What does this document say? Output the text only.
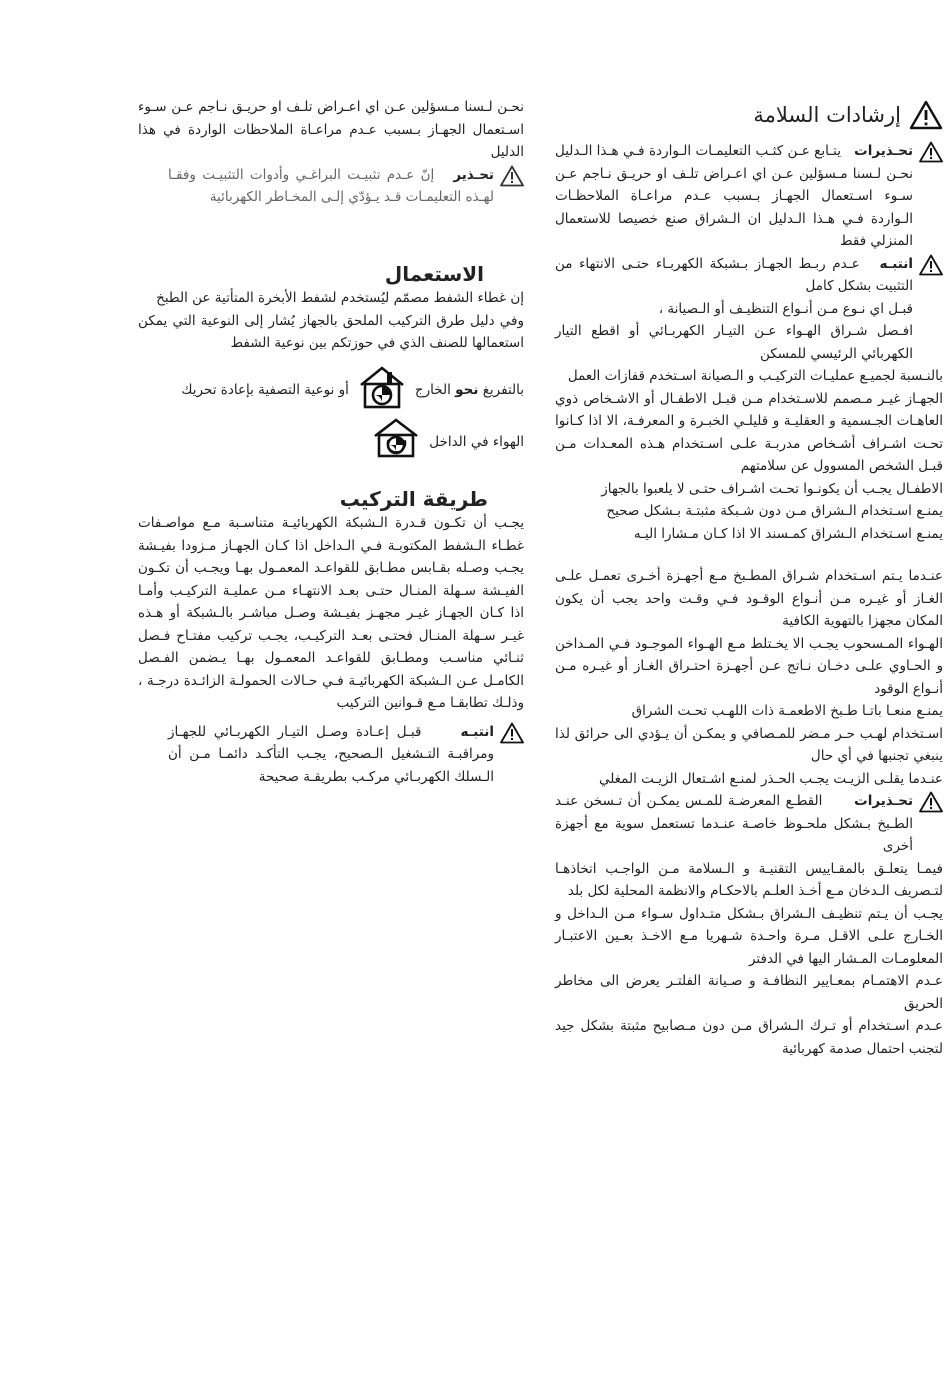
إرشادات السلامة

تحـذيرات   يتـابع عـن كثـب التعليمـات الـواردة فـي هـذا الـدليل نحـن لـسنا مـسؤلين عـن اي اعـراض تلـف او حريـق نـاجم عـن سـوء اسـتعمال الجهـاز بـسبب عـدم مراعـاة الملاحظـات الـواردة فـي هـذا الـدليل ان الـشراق صنع خصيصا للاستعمال المنزلي فقط

انتبـه   عـدم ربـط الجهـاز بـشبكة الكهربـاء حتـى الانتهاء من التثبيت بشكل كامل

قبـل اي نـوع مـن أنـواع التنظيـف أو الـصيانة ،

افـصل شـراق الهـواء عـن التيـار الكهربـائي أو اقطع التيار الكهربائي الرئيسي للمسكن

بالنـسبة لجميـع عمليـات التركيـب و الـصيانة اسـتخدم قفازات العمل

الجهـاز غيـر مـصمم للاسـتخدام مـن قبـل الاطفـال أو الاشـخاص ذوي العاهـات الجـسمية و العقليـة و قليلـي الخبـرة و المعرفـة، الا اذا كـانوا تحـت اشـراف أشـخاص مدربـة علـى اسـتخدام هـذه المعـدات مـن قبـل الشخص المسوول عن سلامتهم

الاطفـال يجـب أن يكونـوا تحـت اشـراف حتـى لا يلعبوا بالجهاز

يمنـع اسـتخدام الـشراق مـن دون شـبكة مثبتـة بـشكل صحيح

يمنـع اسـتخدام الـشراق كمـسند الا اذا كـان مـشارا اليـه

عنـدما يـتم اسـتخدام شـراق المطـبخ مـع أجهـزة أخـرى تعمـل علـى الغـاز أو غيـره مـن أنـواع الوقـود فـي وقـت واحد يجب أن يكون المكان مجهزا بالتهوية الكافية

الهـواء المـسحوب يجـب الا يخـتلط مـع الهـواء الموجـود فـي المـداخن و الحـاوي علـى دخـان نـاتج عـن أجهـزة احتـراق الغـاز أو غيـره مـن أنـواع الوقود

يمنـع منعـا باتـا طـبخ الاطعمـة ذات اللهـب تحـت الشراق

اسـتخدام لهـب حـر مـضر للمـصافي و يمكـن أن يـؤدي الى حرائق لذا ينبغي تجنبها في أي حال

عنـدما يقلـى الزيـت يجـب الحـذر لمنـع اشـتعال الزيـت المغلي

تحـذيرات      القطـع المعرضـة للمـس يمكـن أن تـسخن عنـد الطـبخ بـشكل ملحـوظ خاصـة عنـدما تستعمل سوية مع أجهزة أخرى

فيمـا يتعلـق بالمقـاييس التقنيـة و الـسلامة مـن الواجـب اتخاذهـا لتـصريف الـدخان مـع أخـذ العلـم بالاحكـام والانظمة المحلية لكل بلد

يجـب أن يـتم تنظيـف الـشراق بـشكل متـداول سـواء مـن الـداخل و الخـارج علـى الاقـل مـرة واحـدة شـهريا مـع الاخـذ بعـين الاعتبـار المعلومـات المـشار اليها في الدفتر

عـدم الاهتمـام بمعـايير النظافـة و صـيانة الفلتـر يعرض الى مخاطر الحريق

عـدم اسـتخدام أو تـرك الـشراق مـن دون مـصابيح مثبتة بشكل جيد لتجنب احتمال صدمة كهربائية

نحـن لـسنا مـسؤلين عـن اي اعـراض تلـف او حريـق نـاجم عـن سـوء اسـتعمال الجهـاز بـسبب عـدم مراعـاة الملاحظات الواردة في هذا الدليل

تحـذير   إنّ عـدم تثبيـت البراغـي وأدوات التثبيـت وفقـا لهـذه التعليمـات قـد يـؤدّي إلـى المخـاطر الكهربائية

الاستعمال

إن غطاء الشفط مصمّم ليُستخدم لشفط الأبخرة المتأتية عن الطبخ

وفي دليل طرق التركيب الملحق بالجهاز يُشار إلى النوعية التي يمكن استعمالها للصنف الذي في حوزتكم بين نوعية الشفط

بالتفريغ نحو الخارج
أو نوعية التصفية بإعادة تحريك
الهواء في الداخل
طريقة التركيب

يجـب أن تكـون قـدرة الـشبكة الكهربائيـة متناسـبة مـع مواصـفات غطـاء الـشفط المكتوبـة فـي الـداخل اذا كـان الجهـاز مـزودا بفيـشة يجـب وصـله بقـابس مطـابق للقواعـد المعمـول بهـا ويجـب أن تكـون الفيـشة سـهلة المنـال حتـى بعـد الانتهـاء مـن عمليـة التركيـب وأمـا اذا كـان الجهـاز غيـر مجهـز بفيـشة وصـل مباشـر بالـشبكة أو هـذه غيـر سـهلة المنـال فحتـى بعـد التركيـب، يجـب تركيب مفتـاح فـصل ثنـائي مناسـب ومطـابق للقواعـد المعمـول بهـا يـضمن الفـصل الكامـل عـن الـشبكة الكهربائيـة فـي حـالات الحمولـة الزائـدة درجـة ، وذلـك تطابقـا مـع قـوانين التركيب

انتبـه     قبـل إعـادة وصـل التيـار الكهربـائي للجهـاز ومراقبـة التـشغيل الـصحيح، يجـب التأكـد دائمـا مـن أن الـسلك الكهربـائي مركـب بطريقـة صحيحة
